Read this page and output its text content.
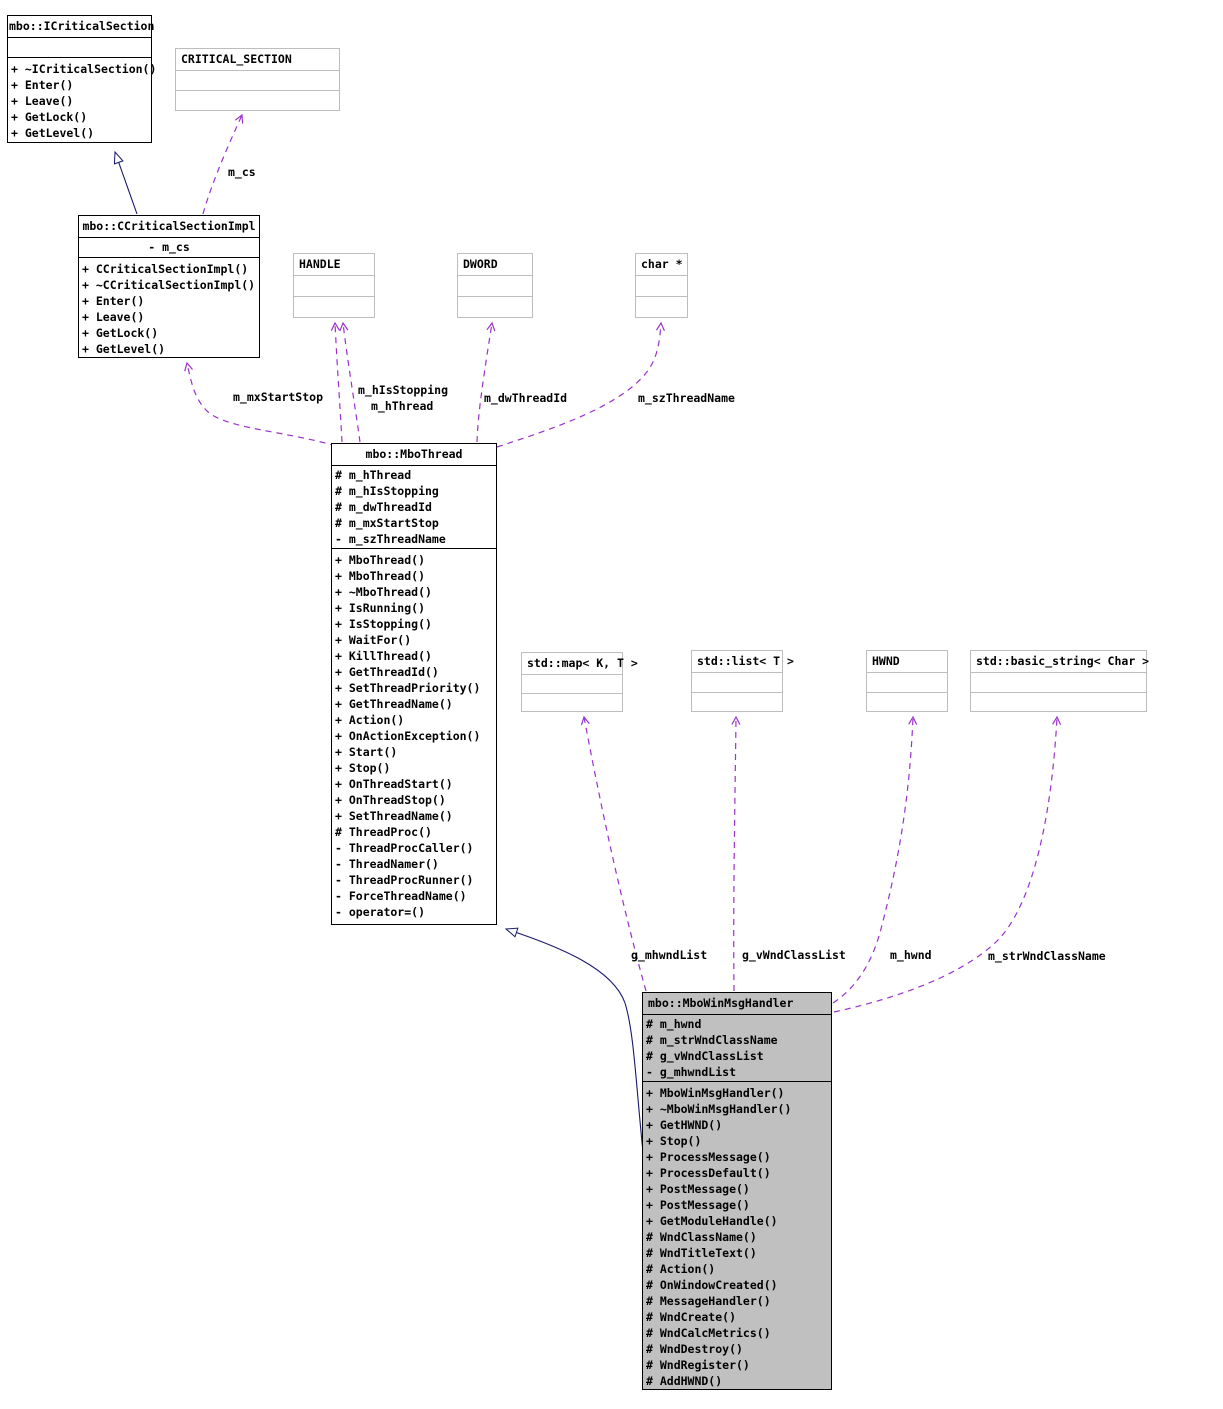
mbo::ICriticalSection
+ ~ICriticalSection()
+ Enter()
+ Leave()
+ GetLock()
+ GetLevel()
CRITICAL_SECTION
mbo::CCriticalSectionImpl
- m_cs
+ CCriticalSectionImpl()
+ ~CCriticalSectionImpl()
+ Enter()
+ Leave()
+ GetLock()
+ GetLevel()
HANDLE	DWORD	char *
mbo::MboThread
# m_hThread
# m_hIsStopping
# m_dwThreadId
# m_mxStartStop
- m_szThreadName
+ MboThread()
+ MboThread()
+ ~MboThread()
+ IsRunning()
+ IsStopping()
+ WaitFor()
+ KillThread()
+ GetThreadId()
+ SetThreadPriority()
+ GetThreadName()
+ Action()
+ OnActionException()
+ Start()
+ Stop()
+ OnThreadStart()
+ OnThreadStop()
+ SetThreadName()
# ThreadProc()
- ThreadProcCaller()
- ThreadNamer()
- ThreadProcRunner()
- ForceThreadName()
- operator=()
std::map< K, T >	std::list< T >	HWND	std::basic_string< Char >
mbo::MboWinMsgHandler
# m_hwnd
# m_strWndClassName
# g_vWndClassList
- g_mhwndList
+ MboWinMsgHandler()
+ ~MboWinMsgHandler()
+ GetHWND()
+ Stop()
+ ProcessMessage()
+ ProcessDefault()
+ PostMessage()
+ PostMessage()
+ GetModuleHandle()
# WndClassName()
# WndTitleText()
# Action()
# OnWindowCreated()
# MessageHandler()
# WndCreate()
# WndCalcMetrics()
# WndDestroy()
# WndRegister()
# AddHWND()
m_cs
m_mxStartStop	m_hIsStopping
m_hThread
m_dwThreadId	m_szThreadName
g_mhwndList	g_vWndClassList	m_hwnd	m_strWndClassName
